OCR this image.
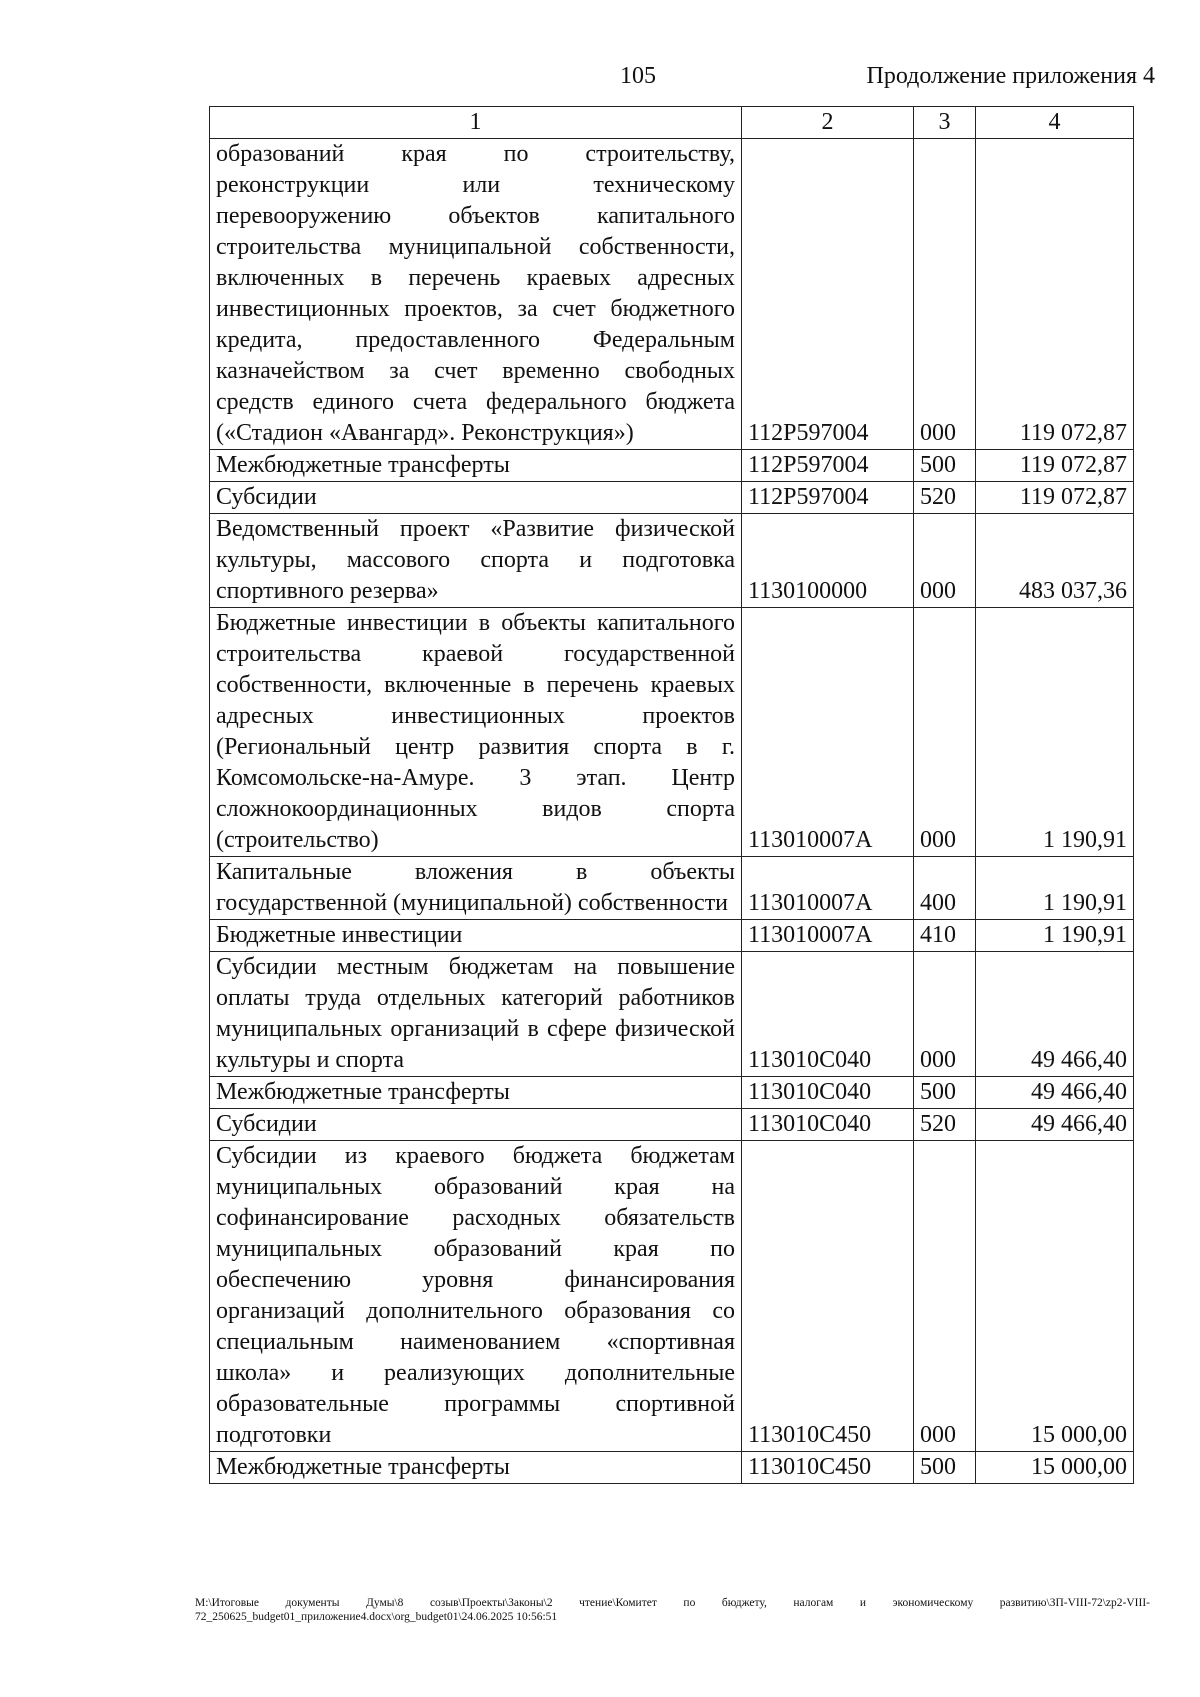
105	Продолжение приложения 4
1	2	3	4
образований края по строительству, реконструкции или техническому перевооружению объектов капитального строительства муниципальной собственности, включенных в перечень краевых адресных инвестиционных проектов, за счет бюджетного кредита, предоставленного Федеральным казначейством за счет временно свободных средств единого счета федерального бюджета («Стадион «Авангард». Реконструкция»)	112Р597004	000	119 072,87
Межбюджетные трансферты	112Р597004	500	119 072,87
Субсидии	112Р597004	520	119 072,87
Ведомственный проект «Развитие физической культуры, массового спорта и подготовка спортивного резерва»	1130100000	000	483 037,36
Бюджетные инвестиции в объекты капитального строительства краевой государственной собственности, включенные в перечень краевых адресных инвестиционных проектов (Региональный центр развития спорта в г. Комсомольске-на-Амуре. 3 этап. Центр сложнокоординационных видов спорта (строительство)	113010007А	000	1 190,91
Капитальные вложения в объекты государственной (муниципальной) собственности	113010007А	400	1 190,91
Бюджетные инвестиции	113010007А	410	1 190,91
Субсидии местным бюджетам на повышение оплаты труда отдельных категорий работников муниципальных организаций в сфере физической культуры и спорта	113010С040	000	49 466,40
Межбюджетные трансферты	113010С040	500	49 466,40
Субсидии	113010С040	520	49 466,40
Субсидии из краевого бюджета бюджетам муниципальных образований края на софинансирование расходных обязательств муниципальных образований края по обеспечению уровня финансирования организаций дополнительного образования со специальным наименованием «спортивная школа» и реализующих дополнительные образовательные программы спортивной подготовки	113010С450	000	15 000,00
Межбюджетные трансферты	113010С450	500	15 000,00
M:\Итоговые документы Думы\8 созыв\Проекты\Законы\2 чтение\Комитет по бюджету, налогам и экономическому развитию\ЗП-VIII-72\zp2-VIII-72_250625_budget01_приложение4.docx\org_budget01\24.06.2025 10:56:51
